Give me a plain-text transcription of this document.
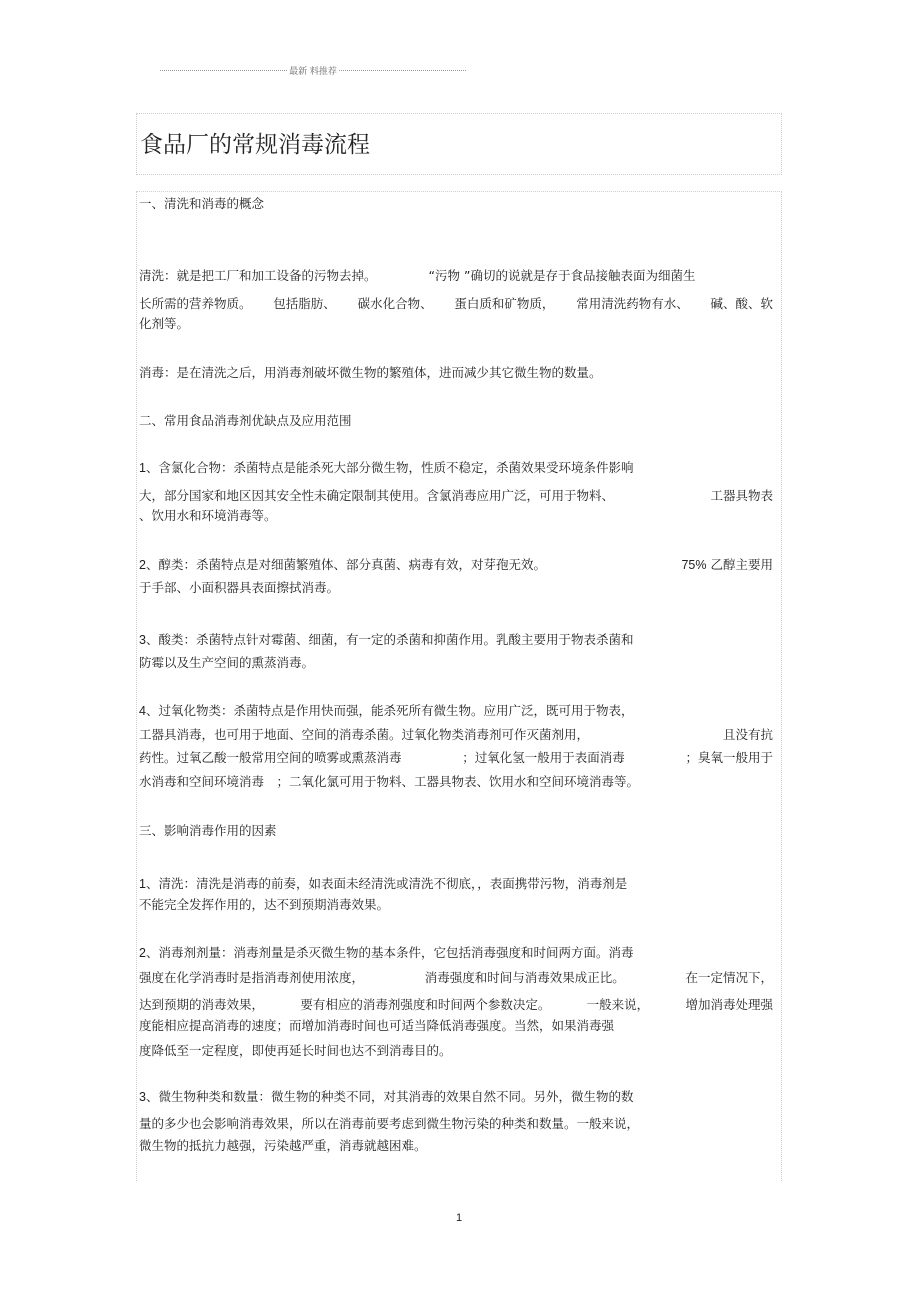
最新 料推荐
食品厂的常规消毒流程
一、清洗和消毒的概念
清洗：就是把工厂和加工设备的污物去掉。	“污物 ”确切的说就是存于食品接触表面为细菌生
长所需的营养物质。 包括脂肪、 碳水化合物、 蛋白质和矿物质， 常用清洗药物有水、 碱、酸、软
化剂等。
消毒：是在清洗之后，用消毒剂破坏微生物的繁殖体，进而减少其它微生物的数量。
二、常用食品消毒剂优缺点及应用范围
1、含氯化合物：杀菌特点是能杀死大部分微生物，性质不稳定，杀菌效果受环境条件影响
大，部分国家和地区因其安全性未确定限制其使用。含氯消毒应用广泛，可用于物料、	工器具物表
、饮用水和环境消毒等。
2、醇类：杀菌特点是对细菌繁殖体、部分真菌、病毒有效，对芽孢无效。	75% 乙醇主要用
于手部、小面积器具表面擦拭消毒。
3、酸类：杀菌特点针对霉菌、细菌，有一定的杀菌和抑菌作用。乳酸主要用于物表杀菌和
防霉以及生产空间的熏蒸消毒。
4、过氧化物类：杀菌特点是作用快而强，能杀死所有微生物。应用广泛，既可用于物表，
工器具消毒，也可用于地面、空间的消毒杀菌。过氧化物类消毒剂可作灭菌剂用，	且没有抗
药性。过氧乙酸一般常用空间的喷雾或熏蒸消毒	；过氧化氢一般用于表面消毒	；臭氧一般用于
水消毒和空间环境消毒　；二氧化氯可用于物料、工器具物表、饮用水和空间环境消毒等。
三、影响消毒作用的因素
1、清洗：清洗是消毒的前奏，如表面未经清洗或清洗不彻底，，表面携带污物，消毒剂是
不能完全发挥作用的，达不到预期消毒效果。
2、消毒剂剂量：消毒剂量是杀灭微生物的基本条件，它包括消毒强度和时间两方面。消毒
强度在化学消毒时是指消毒剂使用浓度，	消毒强度和时间与消毒效果成正比。	在一定情况下，
达到预期的消毒效果，	要有相应的消毒剂强度和时间两个参数决定。	一般来说，	增加消毒处理强
度能相应提高消毒的速度；而增加消毒时间也可适当降低消毒强度。当然，如果消毒强
度降低至一定程度，即使再延长时间也达不到消毒目的。
3、微生物种类和数量：微生物的种类不同，对其消毒的效果自然不同。另外，微生物的数
量的多少也会影响消毒效果，所以在消毒前要考虑到微生物污染的种类和数量。一般来说，
微生物的抵抗力越强，污染越严重，消毒就越困难。
1
